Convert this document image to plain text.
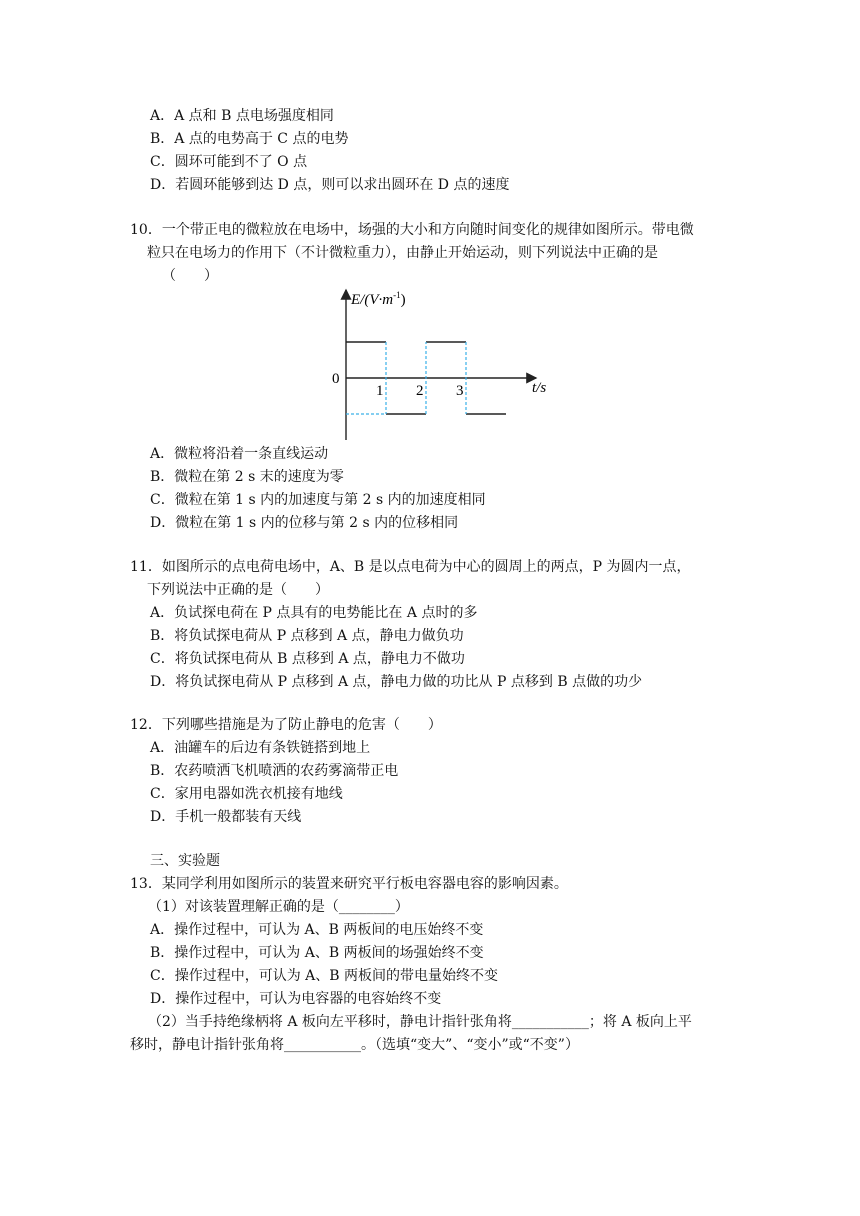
A．A 点和 B 点电场强度相同
B．A 点的电势高于 C 点的电势
C．圆环可能到不了 O 点
D．若圆环能够到达 D 点，则可以求出圆环在 D 点的速度
10．一个带正电的微粒放在电场中，场强的大小和方向随时间变化的规律如图所示。带电微
粒只在电场力的作用下（不计微粒重力），由静止开始运动，则下列说法中正确的是
（　　）
$E/(V\cdot m^{-1})$
0
t/s
1 2 3
A．微粒将沿着一条直线运动
B．微粒在第 2 s 末的速度为零
C．微粒在第 1 s 内的加速度与第 2 s 内的加速度相同
D．微粒在第 1 s 内的位移与第 2 s 内的位移相同
11．如图所示的点电荷电场中，A、B 是以点电荷为中心的圆周上的两点，P 为圆内一点，
下列说法中正确的是（　　）
A．负试探电荷在 P 点具有的电势能比在 A 点时的多
B．将负试探电荷从 P 点移到 A 点，静电力做负功
C．将负试探电荷从 B 点移到 A 点，静电力不做功
D．将负试探电荷从 P 点移到 A 点，静电力做的功比从 P 点移到 B 点做的功少
12．下列哪些措施是为了防止静电的危害（　　）
A．油罐车的后边有条铁链搭到地上
B．农药喷洒飞机喷洒的农药雾滴带正电
C．家用电器如洗衣机接有地线
D．手机一般都装有天线
三、实验题
13．某同学利用如图所示的装置来研究平行板电容器电容的影响因素。
（1）对该装置理解正确的是（________）
A．操作过程中，可认为 A、B 两板间的电压始终不变
B．操作过程中，可认为 A、B 两板间的场强始终不变
C．操作过程中，可认为 A、B 两板间的带电量始终不变
D．操作过程中，可认为电容器的电容始终不变
（2）当手持绝缘柄将 A 板向左平移时，静电计指针张角将___________；将 A 板向上平
移时，静电计指针张角将___________。（选填“变大”、“变小”或“不变”）
